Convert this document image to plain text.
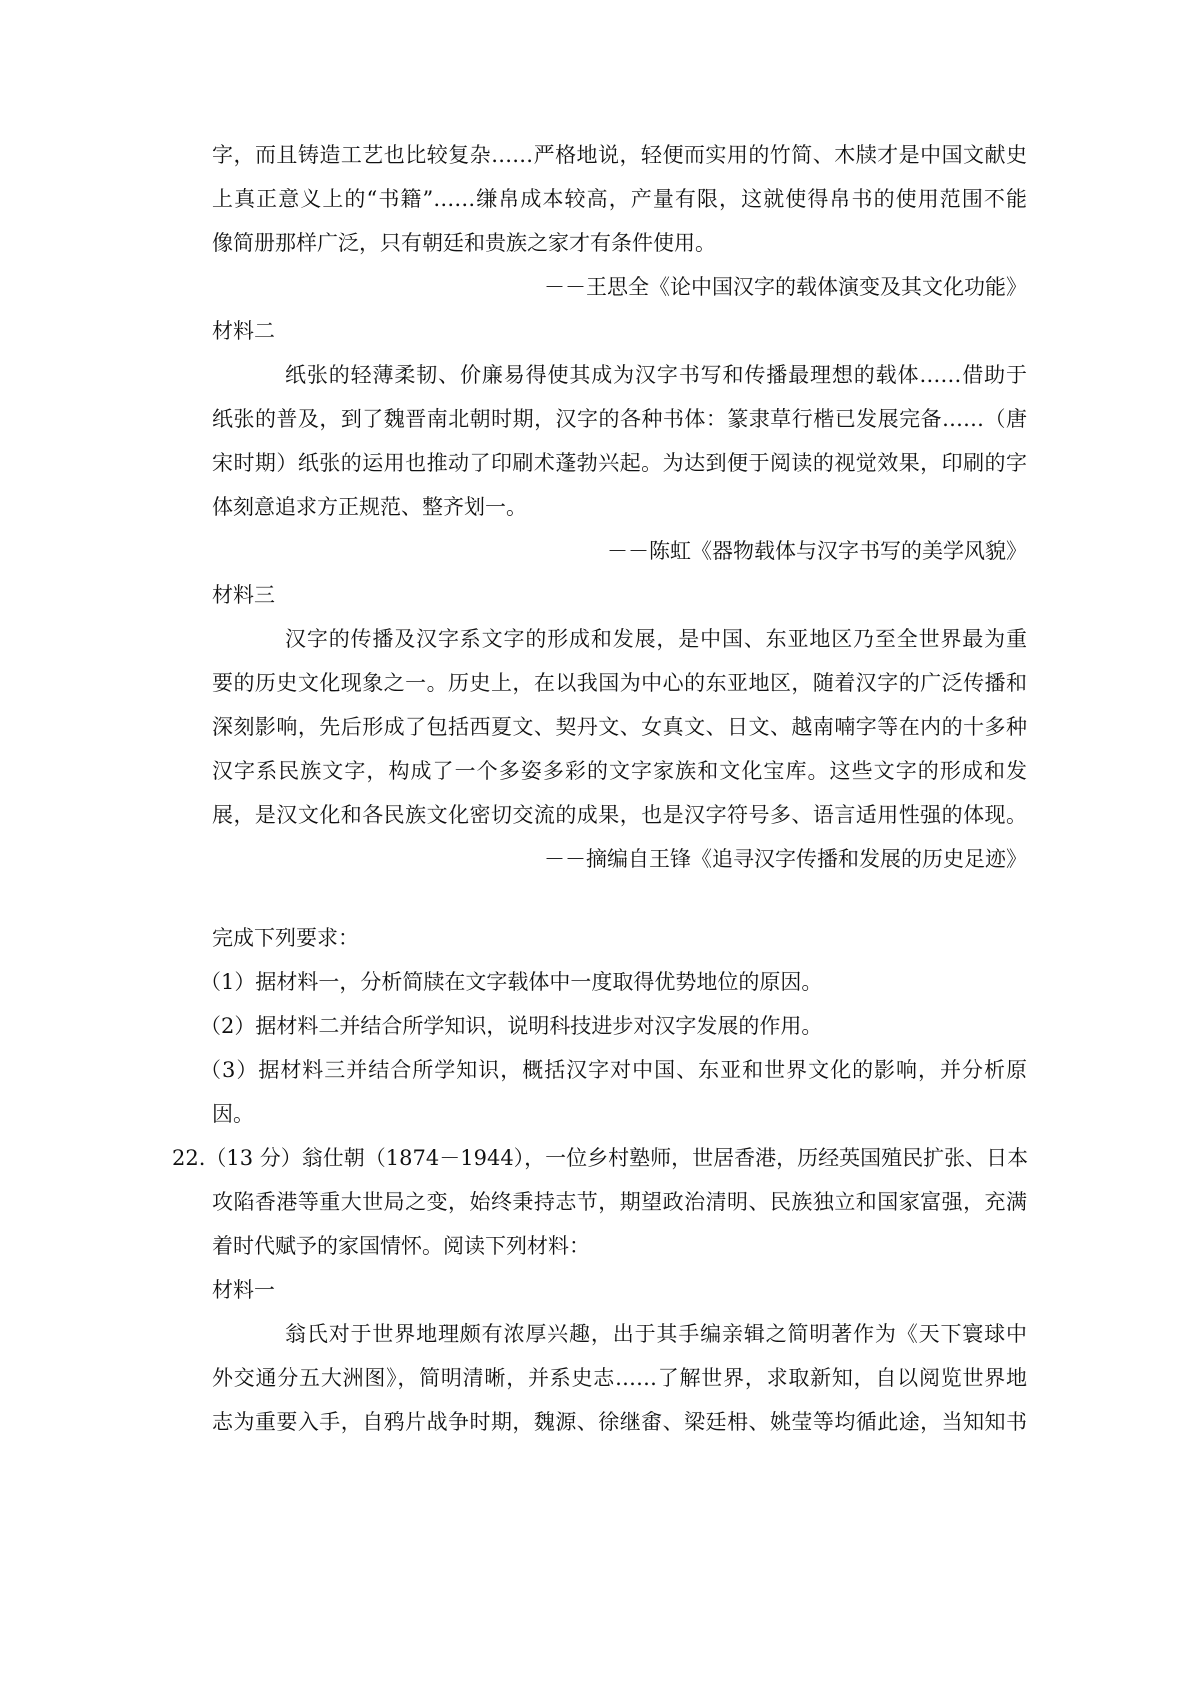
字，而且铸造工艺也比较复杂……严格地说，轻便而实用的竹简、木牍才是中国文献史
上真正意义上的“书籍”……缣帛成本较高，产量有限，这就使得帛书的使用范围不能
像简册那样广泛，只有朝廷和贵族之家才有条件使用。
－－王思全《论中国汉字的载体演变及其文化功能》
材料二
纸张的轻薄柔韧、价廉易得使其成为汉字书写和传播最理想的载体……借助于
纸张的普及，到了魏晋南北朝时期，汉字的各种书体：篆隶草行楷已发展完备……（唐
宋时期）纸张的运用也推动了印刷术蓬勃兴起。为达到便于阅读的视觉效果，印刷的字
体刻意追求方正规范、整齐划一。
－－陈虹《器物载体与汉字书写的美学风貌》
材料三
汉字的传播及汉字系文字的形成和发展，是中国、东亚地区乃至全世界最为重
要的历史文化现象之一。历史上，在以我国为中心的东亚地区，随着汉字的广泛传播和
深刻影响，先后形成了包括西夏文、契丹文、女真文、日文、越南喃字等在内的十多种
汉字系民族文字，构成了一个多姿多彩的文字家族和文化宝库。这些文字的形成和发
展，是汉文化和各民族文化密切交流的成果，也是汉字符号多、语言适用性强的体现。
－－摘编自王锋《追寻汉字传播和发展的历史足迹》
完成下列要求：
（1）据材料一，分析简牍在文字载体中一度取得优势地位的原因。
（2）据材料二并结合所学知识，说明科技进步对汉字发展的作用。
（3）据材料三并结合所学知识，概括汉字对中国、东亚和世界文化的影响，并分析原
因。
22.（13 分）翁仕朝（1874－1944），一位乡村塾师，世居香港，历经英国殖民扩张、日本
攻陷香港等重大世局之变，始终秉持志节，期望政治清明、民族独立和国家富强，充满
着时代赋予的家国情怀。阅读下列材料：
材料一
翁氏对于世界地理颇有浓厚兴趣，出于其手编亲辑之简明著作为《天下寰球中
外交通分五大洲图》，简明清晰，并系史志……了解世界，求取新知，自以阅览世界地
志为重要入手，自鸦片战争时期，魏源、徐继畬、梁廷枏、姚莹等均循此途，当知知书
